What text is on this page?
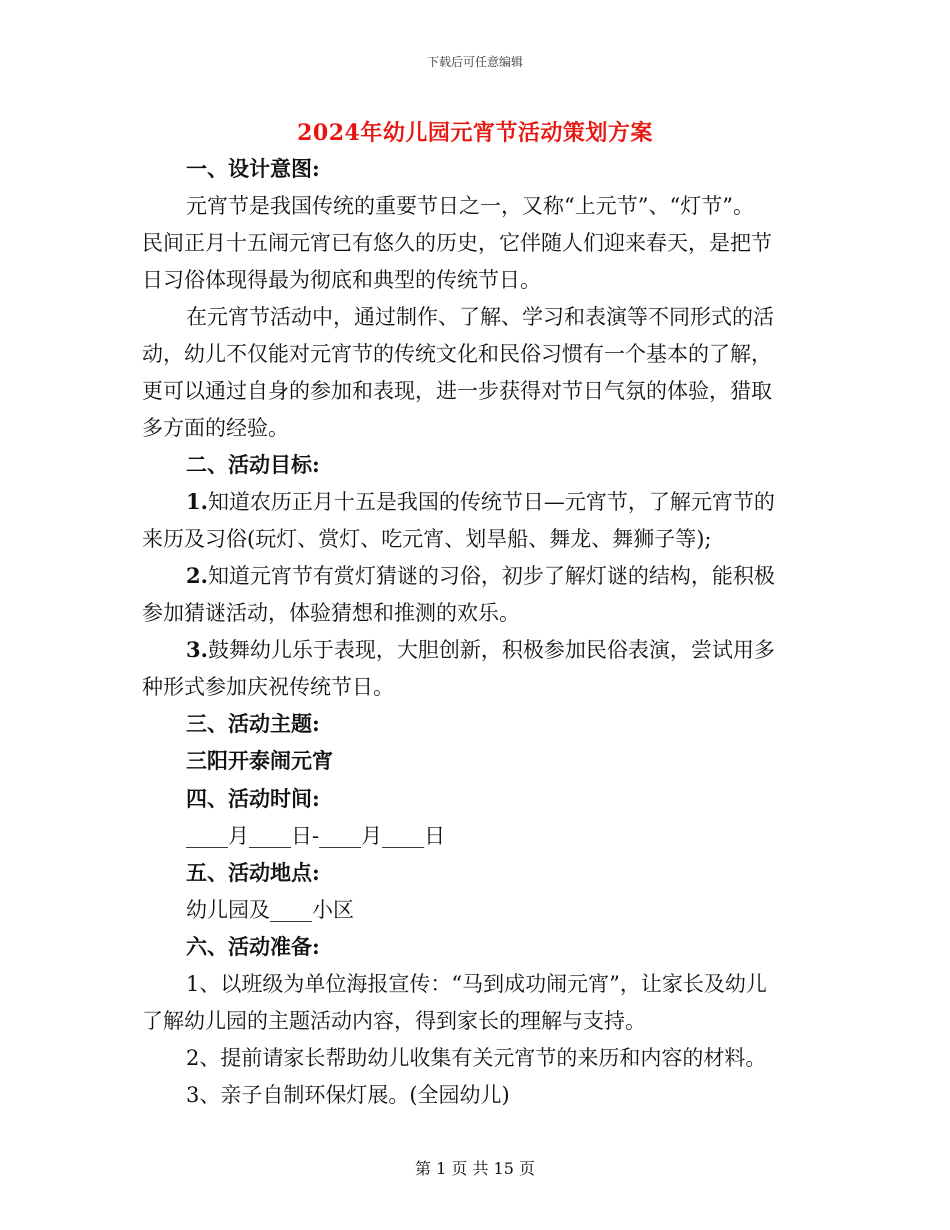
下载后可任意编辑
2024年幼儿园元宵节活动策划方案
一、设计意图:
元宵节是我国传统的重要节日之一，又称“上元节”、“灯节”。
民间正月十五闹元宵已有悠久的历史，它伴随人们迎来春天，是把节
日习俗体现得最为彻底和典型的传统节日。
在元宵节活动中，通过制作、了解、学习和表演等不同形式的活
动，幼儿不仅能对元宵节的传统文化和民俗习惯有一个基本的了解，
更可以通过自身的参加和表现，进一步获得对节日气氛的体验，猎取
多方面的经验。
二、活动目标:
1.知道农历正月十五是我国的传统节日—元宵节，了解元宵节的
来历及习俗(玩灯、赏灯、吃元宵、划旱船、舞龙、舞狮子等);
2.知道元宵节有赏灯猜谜的习俗，初步了解灯谜的结构，能积极
参加猜谜活动，体验猜想和推测的欢乐。
3.鼓舞幼儿乐于表现，大胆创新，积极参加民俗表演，尝试用多
种形式参加庆祝传统节日。
三、活动主题:
三阳开泰闹元宵
四、活动时间:
____月____日-____月____日
五、活动地点:
幼儿园及____小区
六、活动准备:
1、以班级为单位海报宣传：“马到成功闹元宵”，让家长及幼儿
了解幼儿园的主题活动内容，得到家长的理解与支持。
2、提前请家长帮助幼儿收集有关元宵节的来历和内容的材料。
3、亲子自制环保灯展。(全园幼儿)
第 1 页 共 15 页
